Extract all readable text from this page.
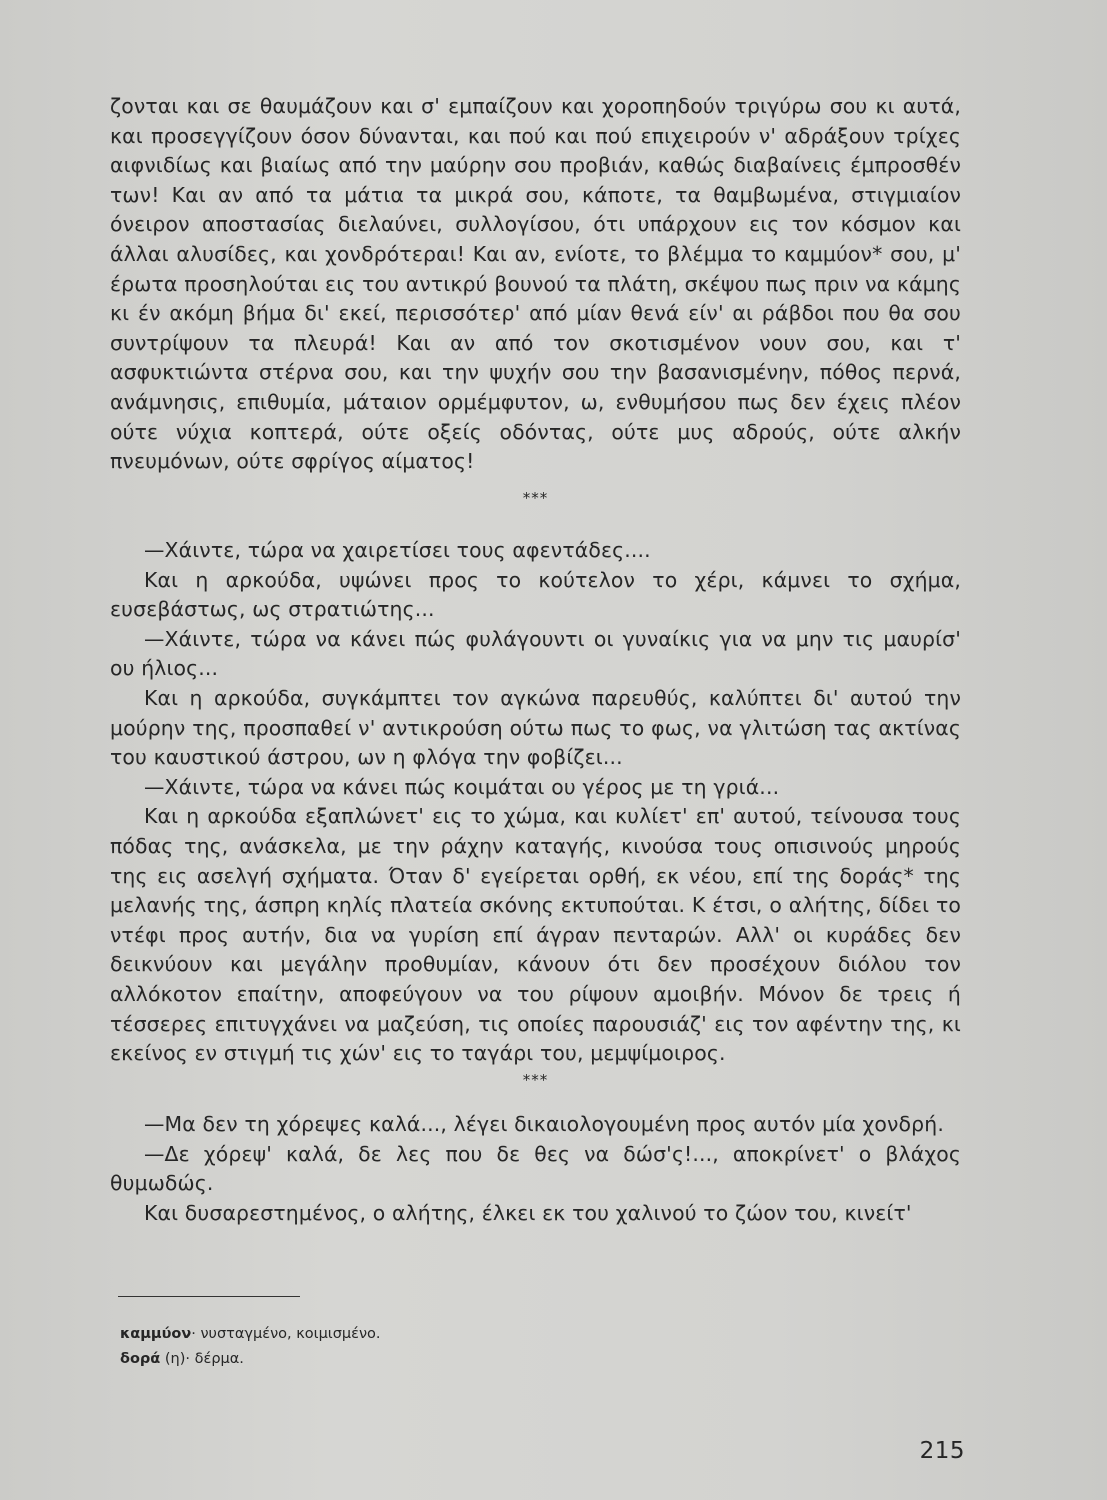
ζονται και σε θαυμάζουν και σ' εμπαίζουν και χοροπηδούν τριγύρω σου κι αυτά, και προσεγγίζουν όσον δύνανται, και πού και πού επιχειρούν ν' αδράξουν τρίχες αιφνιδίως και βιαίως από την μαύρην σου προβιάν, καθώς διαβαίνεις έμπροσθέν των! Και αν από τα μάτια τα μικρά σου, κάποτε, τα θαμβωμένα, στιγμιαίον όνειρον αποστασίας διελαύνει, συλλογίσου, ότι υπάρχουν εις τον κόσμον και άλλαι αλυσίδες, και χονδρότεραι! Και αν, ενίοτε, το βλέμμα το καμμύον* σου, μ' έρωτα προσηλούται εις του αντικρύ βουνού τα πλάτη, σκέψου πως πριν να κάμης κι έν ακόμη βήμα δι' εκεί, περισσότερ' από μίαν θενά είν' αι ράβδοι που θα σου συντρίψουν τα πλευρά! Και αν από τον σκοτισμένον νουν σου, και τ' ασφυκτιώντα στέρνα σου, και την ψυχήν σου την βασανισμένην, πόθος περνά, ανάμνησις, επιθυμία, μάταιον ορμέμφυτον, ω, ενθυμήσου πως δεν έχεις πλέον ούτε νύχια κοπτερά, ούτε οξείς οδόντας, ούτε μυς αδρούς, ούτε αλκήν πνευμόνων, ούτε σφρίγος αίματος!

***

—Χάιντε, τώρα να χαιρετίσει τους αφεντάδες....

Και η αρκούδα, υψώνει προς το κούτελον το χέρι, κάμνει το σχήμα, ευσεβάστως, ως στρατιώτης...

—Χάιντε, τώρα να κάνει πώς φυλάγουντι οι γυναίκις για να μην τις μαυρίσ' ου ήλιος...

Και η αρκούδα, συγκάμπτει τον αγκώνα παρευθύς, καλύπτει δι' αυτού την μούρην της, προσπαθεί ν' αντικρούση ούτω πως το φως, να γλιτώση τας ακτίνας του καυστικού άστρου, ων η φλόγα την φοβίζει...

—Χάιντε, τώρα να κάνει πώς κοιμάται ου γέρος με τη γριά...

Και η αρκούδα εξαπλώνετ' εις το χώμα, και κυλίετ' επ' αυτού, τείνουσα τους πόδας της, ανάσκελα, με την ράχην καταγής, κινούσα τους οπισινούς μηρούς της εις ασελγή σχήματα. Όταν δ' εγείρεται ορθή, εκ νέου, επί της δοράς* της μελανής της, άσπρη κηλίς πλατεία σκόνης εκτυπούται. Κ έτσι, ο αλήτης, δίδει το ντέφι προς αυτήν, δια να γυρίση επί άγραν πενταρών. Αλλ' οι κυράδες δεν δεικνύουν και μεγάλην προθυμίαν, κάνουν ότι δεν προσέχουν διόλου τον αλλόκοτον επαίτην, αποφεύγουν να του ρίψουν αμοιβήν. Μόνον δε τρεις ή τέσσερες επιτυγχάνει να μαζεύση, τις οποίες παρουσιάζ' εις τον αφέντην της, κι εκείνος εν στιγμή τις χών' εις το ταγάρι του, μεμψίμοιρος.

***

—Μα δεν τη χόρεψες καλά..., λέγει δικαιολογουμένη προς αυτόν μία χονδρή.

—Δε χόρεψ' καλά, δε λες που δε θες να δώσ'ς!..., αποκρίνετ' ο βλάχος θυμωδώς.

Και δυσαρεστημένος, ο αλήτης, έλκει εκ του χαλινού το ζώον του, κινείτ'

καμμύον· νυσταγμένο, κοιμισμένο.
δορά (η)· δέρμα.
215
